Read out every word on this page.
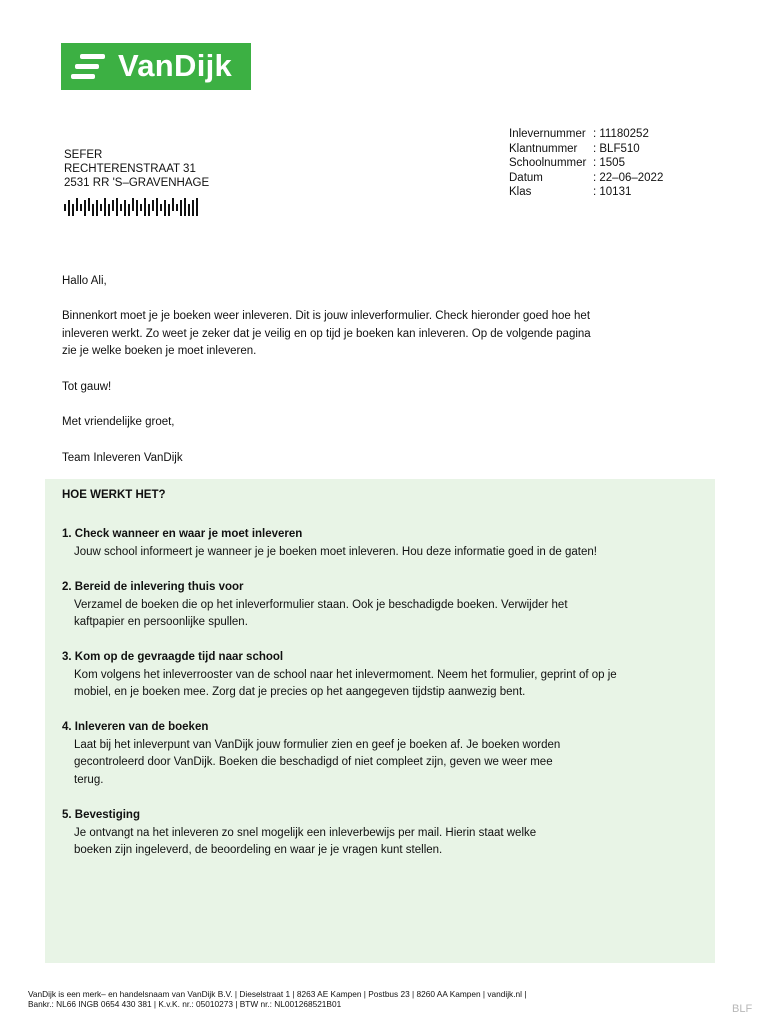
VanDijk
SEFER
RECHTERENSTRAAT 31
2531 RR 'S–GRAVENHAGE
Inlevernummer : 11180252
Klantnummer	: BLF510
Schoolnummer : 1505
Datum	: 22–06–2022
Klas	: 10131

Hallo Ali,

Binnenkort moet je je boeken weer inleveren. Dit is jouw inleverformulier. Check hieronder goed hoe het inleveren werkt. Zo weet je zeker dat je veilig en op tijd je boeken kan inleveren. Op de volgende pagina zie je welke boeken je moet inleveren.

Tot gauw!

Met vriendelijke groet,

Team Inleveren VanDijk

HOE WERKT HET?
1. Check wanneer en waar je moet inleveren
Jouw school informeert je wanneer je je boeken moet inleveren. Hou deze informatie goed in de gaten!
2. Bereid de inlevering thuis voor
Verzamel de boeken die op het inleverformulier staan. Ook je beschadigde boeken. Verwijder het kaftpapier en persoonlijke spullen.
3. Kom op de gevraagde tijd naar school
Kom volgens het inleverrooster van de school naar het inlevermoment. Neem het formulier, geprint of op je mobiel, en je boeken mee. Zorg dat je precies op het aangegeven tijdstip aanwezig bent.
4. Inleveren van de boeken
Laat bij het inleverpunt van VanDijk jouw formulier zien en geef je boeken af. Je boeken worden gecontroleerd door VanDijk. Boeken die beschadigd of niet compleet zijn, geven we weer mee terug.
5. Bevestiging
Je ontvangt na het inleveren zo snel mogelijk een inleverbewijs per mail. Hierin staat welke boeken zijn ingeleverd, de beoordeling en waar je je vragen kunt stellen.
VanDijk is een merk– en handelsnaam van VanDijk B.V. | Dieselstraat 1 | 8263 AE Kampen | Postbus 23 | 8260 AA Kampen | vandijk.nl |
Bankr.: NL66 INGB 0654 430 381 | K.v.K. nr.: 05010273 | BTW nr.: NL001268521B01	BLF
